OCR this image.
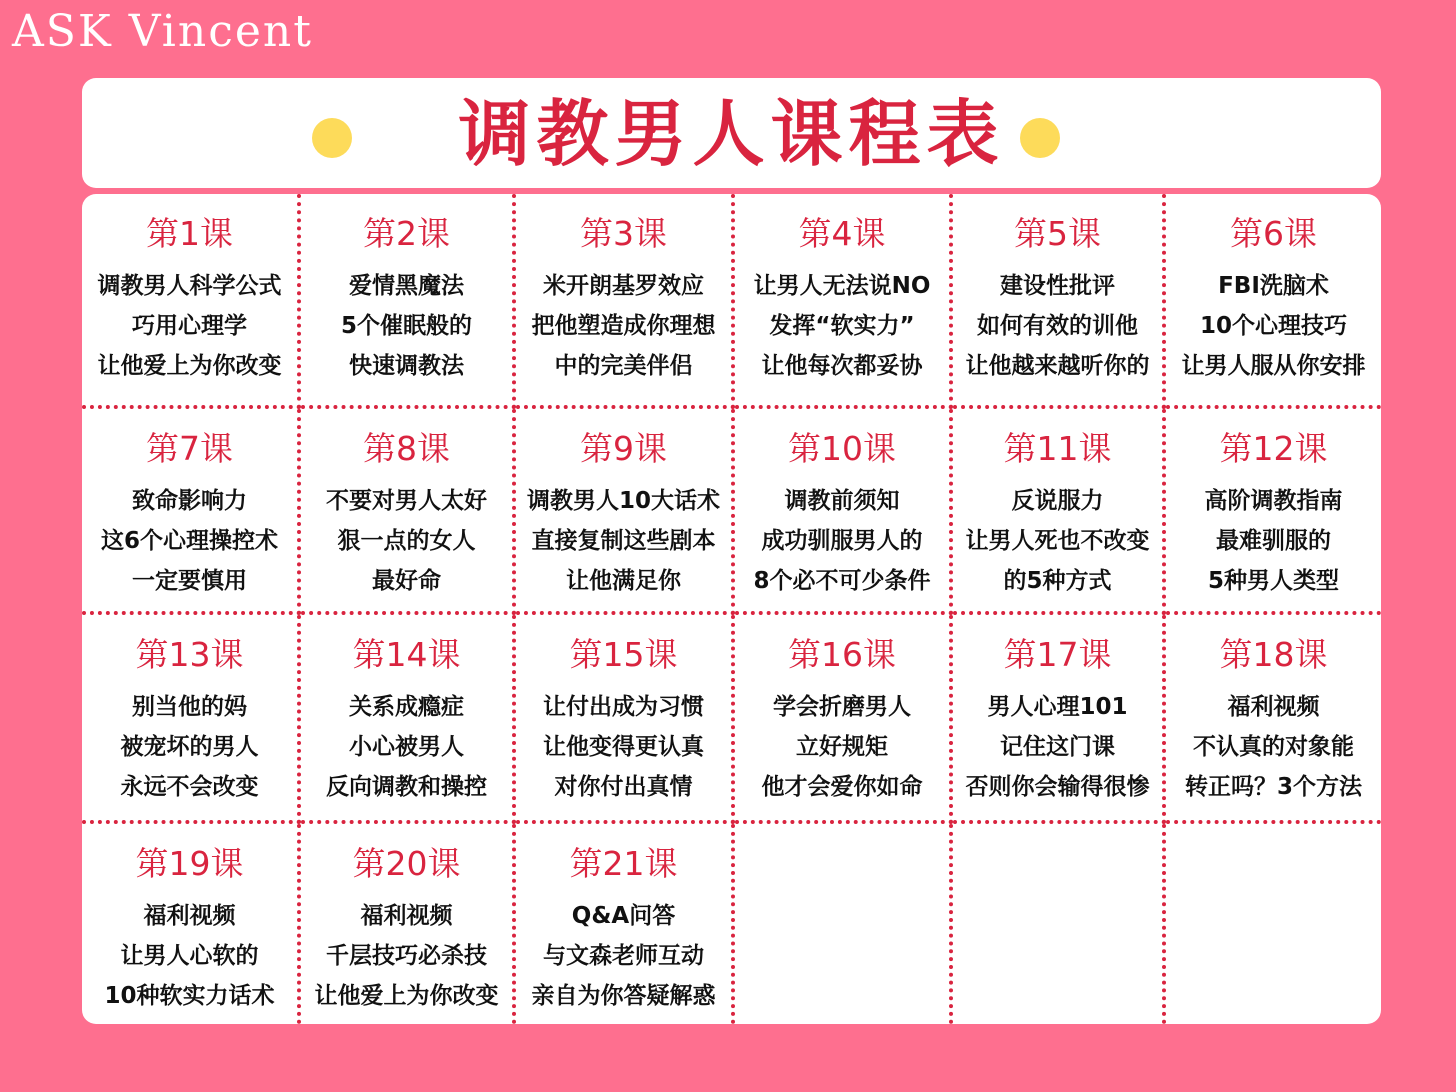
ASK Vincent
调教男人课程表
第1课
调教男人科学公式
巧用心理学
让他爱上为你改变
第2课
爱情黑魔法
5个催眠般的
快速调教法
第3课
米开朗基罗效应
把他塑造成你理想
中的完美伴侣
第4课
让男人无法说NO
发挥“软实力”
让他每次都妥协
第5课
建设性批评
如何有效的训他
让他越来越听你的
第6课
FBI洗脑术
10个心理技巧
让男人服从你安排
第7课
致命影响力
这6个心理操控术
一定要慎用
第8课
不要对男人太好
狠一点的女人
最好命
第9课
调教男人10大话术
直接复制这些剧本
让他满足你
第10课
调教前须知
成功驯服男人的
8个必不可少条件
第11课
反说服力
让男人死也不改变
的5种方式
第12课
高阶调教指南
最难驯服的
5种男人类型
第13课
别当他的妈
被宠坏的男人
永远不会改变
第14课
关系成瘾症
小心被男人
反向调教和操控
第15课
让付出成为习惯
让他变得更认真
对你付出真情
第16课
学会折磨男人
立好规矩
他才会爱你如命
第17课
男人心理101
记住这门课
否则你会输得很惨
第18课
福利视频
不认真的对象能
转正吗？3个方法
第19课
福利视频
让男人心软的
10种软实力话术
第20课
福利视频
千层技巧必杀技
让他爱上为你改变
第21课
Q&A问答
与文森老师互动
亲自为你答疑解惑
